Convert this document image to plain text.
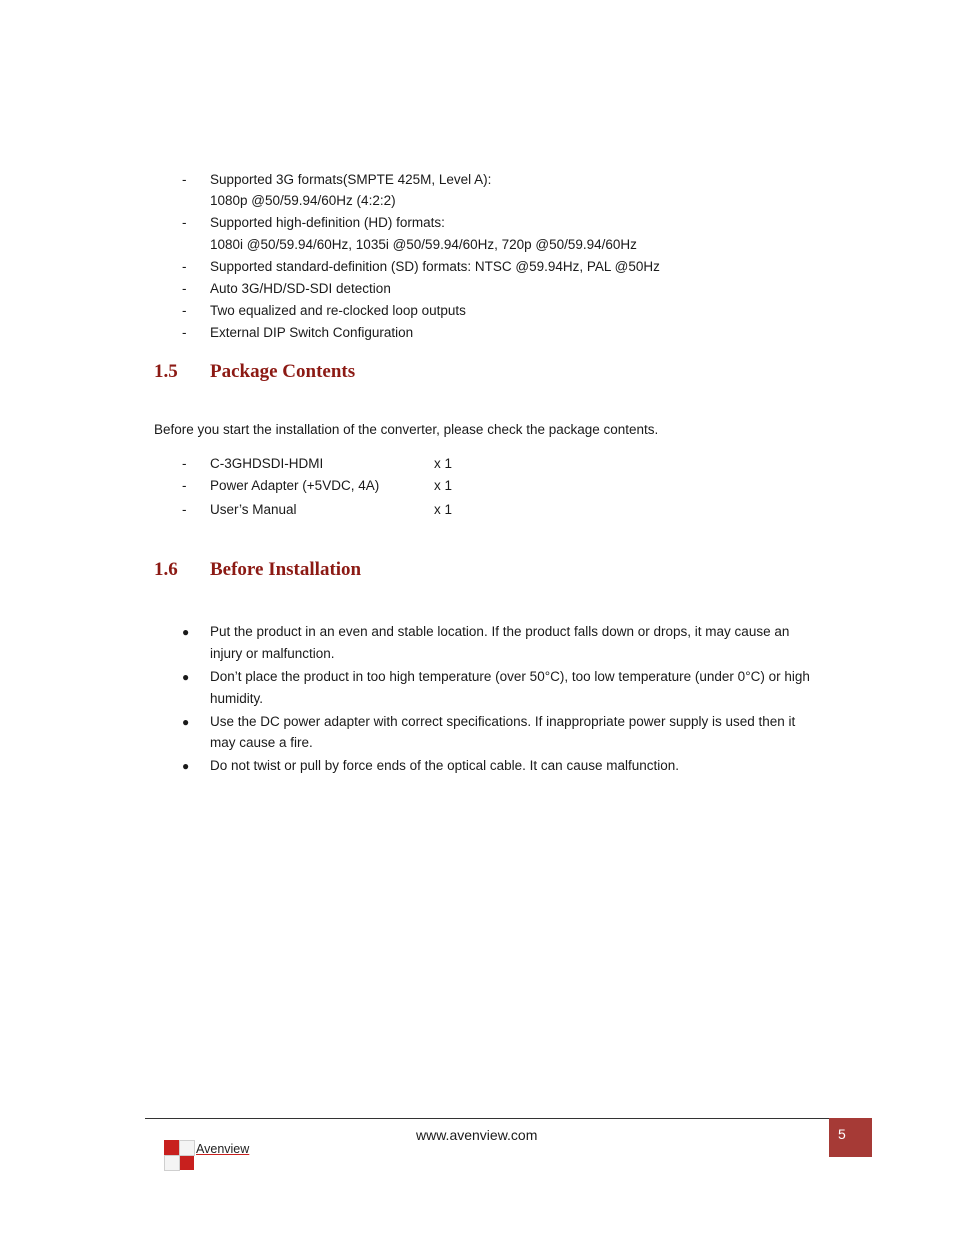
- Supported 3G formats(SMPTE 425M, Level A):
1080p @50/59.94/60Hz (4:2:2)
- Supported high-definition (HD) formats:
1080i @50/59.94/60Hz, 1035i @50/59.94/60Hz, 720p @50/59.94/60Hz
- Supported standard-definition (SD) formats: NTSC @59.94Hz, PAL @50Hz
- Auto 3G/HD/SD-SDI detection
- Two equalized and re-clocked loop outputs
- External DIP Switch Configuration
1.5 Package Contents
Before you start the installation of the converter, please check the package contents.
- C-3GHDSDI-HDMI	x 1
- Power Adapter (+5VDC, 4A)	x 1
- User’s Manual	x 1
1.6 Before Installation
● Put the product in an even and stable location. If the product falls down or drops, it may cause an
injury or malfunction.
● Don’t place the product in too high temperature (over 50°C), too low temperature (under 0°C) or high
humidity.
● Use the DC power adapter with correct specifications. If inappropriate power supply is used then it
may cause a fire.
● Do not twist or pull by force ends of the optical cable. It can cause malfunction.
www.avenview.com	5
Avenview
